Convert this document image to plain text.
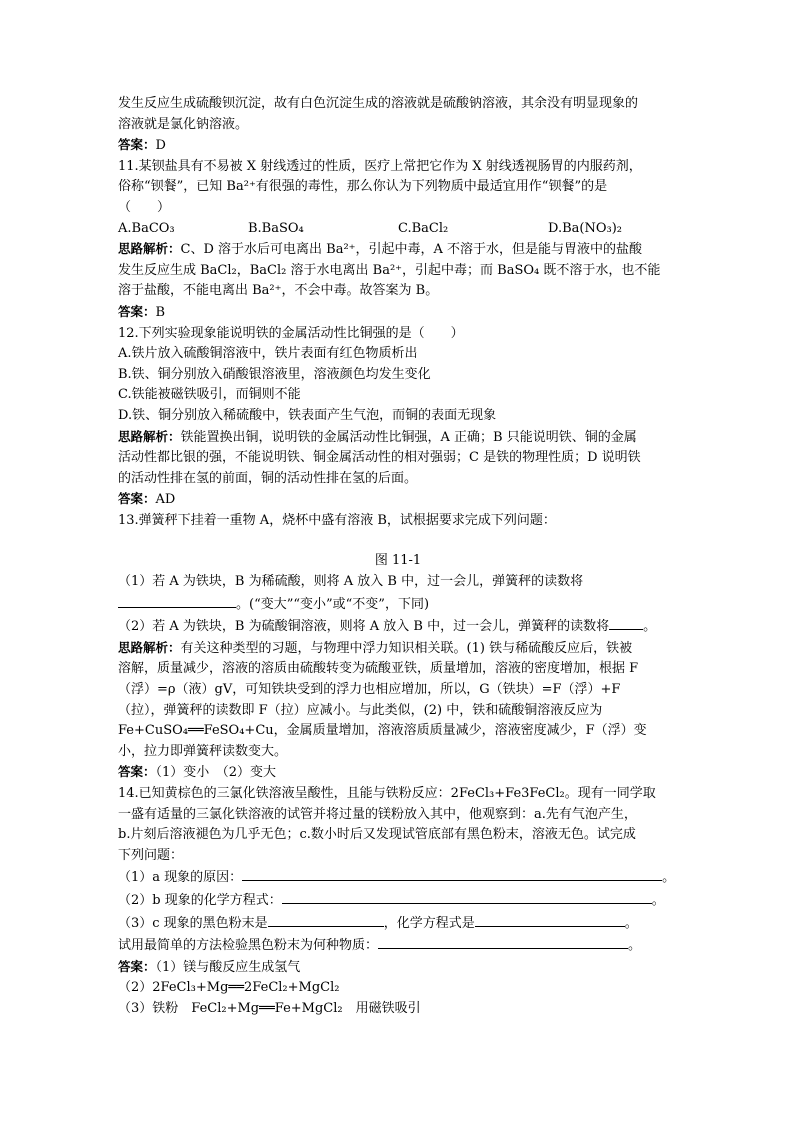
发生反应生成硫酸钡沉淀，故有白色沉淀生成的溶液就是硫酸钠溶液，其余没有明显现象的

溶液就是氯化钠溶液。

答案：D

11.某钡盐具有不易被 X 射线透过的性质，医疗上常把它作为 X 射线透视肠胃的内服药剂，

俗称“钡餐”，已知 Ba²⁺有很强的毒性，那么你认为下列物质中最适宜用作“钡餐”的是

（　　）

A.BaCO₃	B.BaSO₄	C.BaCl₂	D.Ba(NO₃)₂

思路解析：C、D 溶于水后可电离出 Ba²⁺，引起中毒，A 不溶于水，但是能与胃液中的盐酸

发生反应生成 BaCl₂，BaCl₂ 溶于水电离出 Ba²⁺，引起中毒；而 BaSO₄ 既不溶于水，也不能

溶于盐酸，不能电离出 Ba²⁺，不会中毒。故答案为 B。

答案：B

12.下列实验现象能说明铁的金属活动性比铜强的是（　　）

A.铁片放入硫酸铜溶液中，铁片表面有红色物质析出

B.铁、铜分别放入硝酸银溶液里，溶液颜色均发生变化

C.铁能被磁铁吸引，而铜则不能

D.铁、铜分别放入稀硫酸中，铁表面产生气泡，而铜的表面无现象

思路解析：铁能置换出铜，说明铁的金属活动性比铜强，A 正确；B 只能说明铁、铜的金属

活动性都比银的强，不能说明铁、铜金属活动性的相对强弱；C 是铁的物理性质；D 说明铁

的活动性排在氢的前面，铜的活动性排在氢的后面。

答案：AD

13.弹簧秤下挂着一重物 A，烧杯中盛有溶液 B，试根据要求完成下列问题：

图 11-1

（1）若 A 为铁块，B 为稀硫酸，则将 A 放入 B 中，过一会儿，弹簧秤的读数将

。(“变大”“变小”或“不变”，下同)

（2）若 A 为铁块，B 为硫酸铜溶液，则将 A 放入 B 中，过一会儿，弹簧秤的读数将	。

思路解析：有关这种类型的习题，与物理中浮力知识相关联。(1) 铁与稀硫酸反应后，铁被

溶解，质量减少，溶液的溶质由硫酸转变为硫酸亚铁，质量增加，溶液的密度增加，根据 F

（浮）=ρ（液）gV，可知铁块受到的浮力也相应增加，所以，G（铁块）=F（浮）+F

（拉），弹簧秤的读数即 F（拉）应减小。与此类似，(2) 中，铁和硫酸铜溶液反应为

Fe+CuSO₄══FeSO₄+Cu，金属质量增加，溶液溶质质量减少，溶液密度减少，F（浮）变

小，拉力即弹簧秤读数变大。

答案：（1）变小　（2）变大

14.已知黄棕色的三氯化铁溶液呈酸性，且能与铁粉反应：2FeCl₃+Fe3FeCl₂。现有一同学取

一盛有适量的三氯化铁溶液的试管并将过量的镁粉放入其中，他观察到：a.先有气泡产生，

b.片刻后溶液褪色为几乎无色；c.数小时后又发现试管底部有黑色粉末，溶液无色。试完成

下列问题：

（1）a 现象的原因：	。

（2）b 现象的化学方程式：	。

（3）c 现象的黑色粉末是	，化学方程式是	。

试用最简单的方法检验黑色粉末为何种物质：	。

答案：（1）镁与酸反应生成氢气

（2）2FeCl₃+Mg══2FeCl₂+MgCl₂

（3）铁粉　FeCl₂+Mg══Fe+MgCl₂　用磁铁吸引
